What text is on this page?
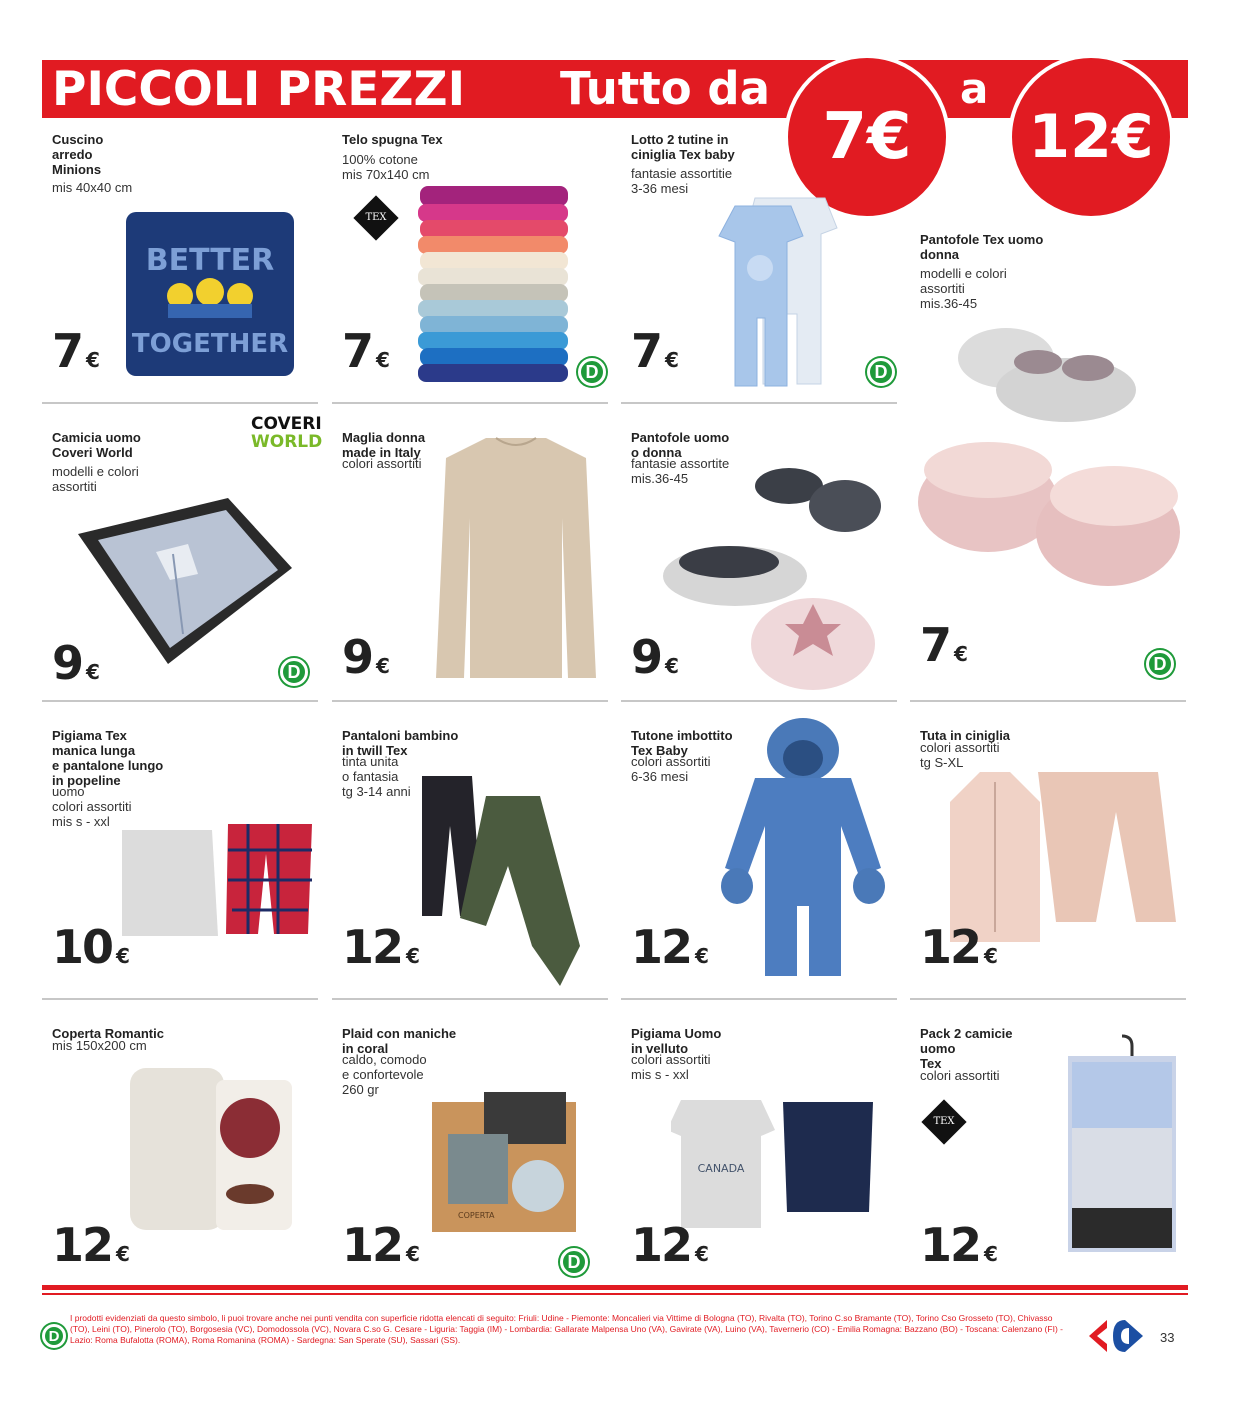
PICCOLI PREZZI Tutto da
7€
a
12€
Cuscino
arredo
Minions
mis 40x40 cm
BETTER
TOGETHER
7 €
Telo spugna Tex
100% cotone
mis 70x140 cm
TEX
7 €	D
Lotto 2 tutine in
ciniglia Tex baby
fantasie assortitie
3-36 mesi
7 €	D
Pantofole Tex uomo
donna
modelli e colori
assortiti
mis.36-45
7 €	D
Camicia uomo
Coveri World
modelli e colori
assortiti
9 €
COVERI
WORLD
D
Maglia donna
made in Italy
colori assortiti
9 €
Pantofole uomo
o donna
fantasie assortite
mis.36-45
9 €
Pigiama Tex
manica lunga
e pantalone lungo
in popeline
uomo
colori assortiti
mis s - xxl
10 €
Pantaloni bambino
in twill Tex
tinta unita
o fantasia
tg 3-14 anni
12 €
Tutone imbottito
Tex Baby
colori assortiti
6-36 mesi
12 €
Tuta in ciniglia
colori assortiti
tg S-XL
12 €
Coperta Romantic
mis 150x200 cm
12 €
Plaid con maniche
in coral
caldo, comodo
e confortevole
260 gr
COPERTA
12 €	D
Pigiama Uomo
in velluto
colori assortiti
mis s - xxl
CANADA
12 €
Pack 2 camicie
uomo
Tex
colori assortiti
TEX
12 €
D
I prodotti evidenziati da questo simbolo, li puoi trovare anche nei punti vendita con superficie ridotta elencati di seguito: Friuli: Udine - Piemonte: Moncalieri via Vittime di Bologna (TO), Rivalta (TO), Torino C.so Bramante (TO), Torino Cso Grosseto (TO), Chivasso (TO), Leini (TO), Pinerolo (TO), Borgosesia (VC), Domodossola (VC), Novara C.so G. Cesare - Liguria: Taggia (IM) - Lombardia: Gallarate Malpensa Uno (VA), Gavirate (VA), Luino (VA), Tavernerio (CO) - Emilia Romagna: Bazzano (BO) - Toscana: Calenzano (FI) - Lazio: Roma Bufalotta (ROMA), Roma Romanina (ROMA) - Sardegna: San Sperate (SU), Sassari (SS).	33
